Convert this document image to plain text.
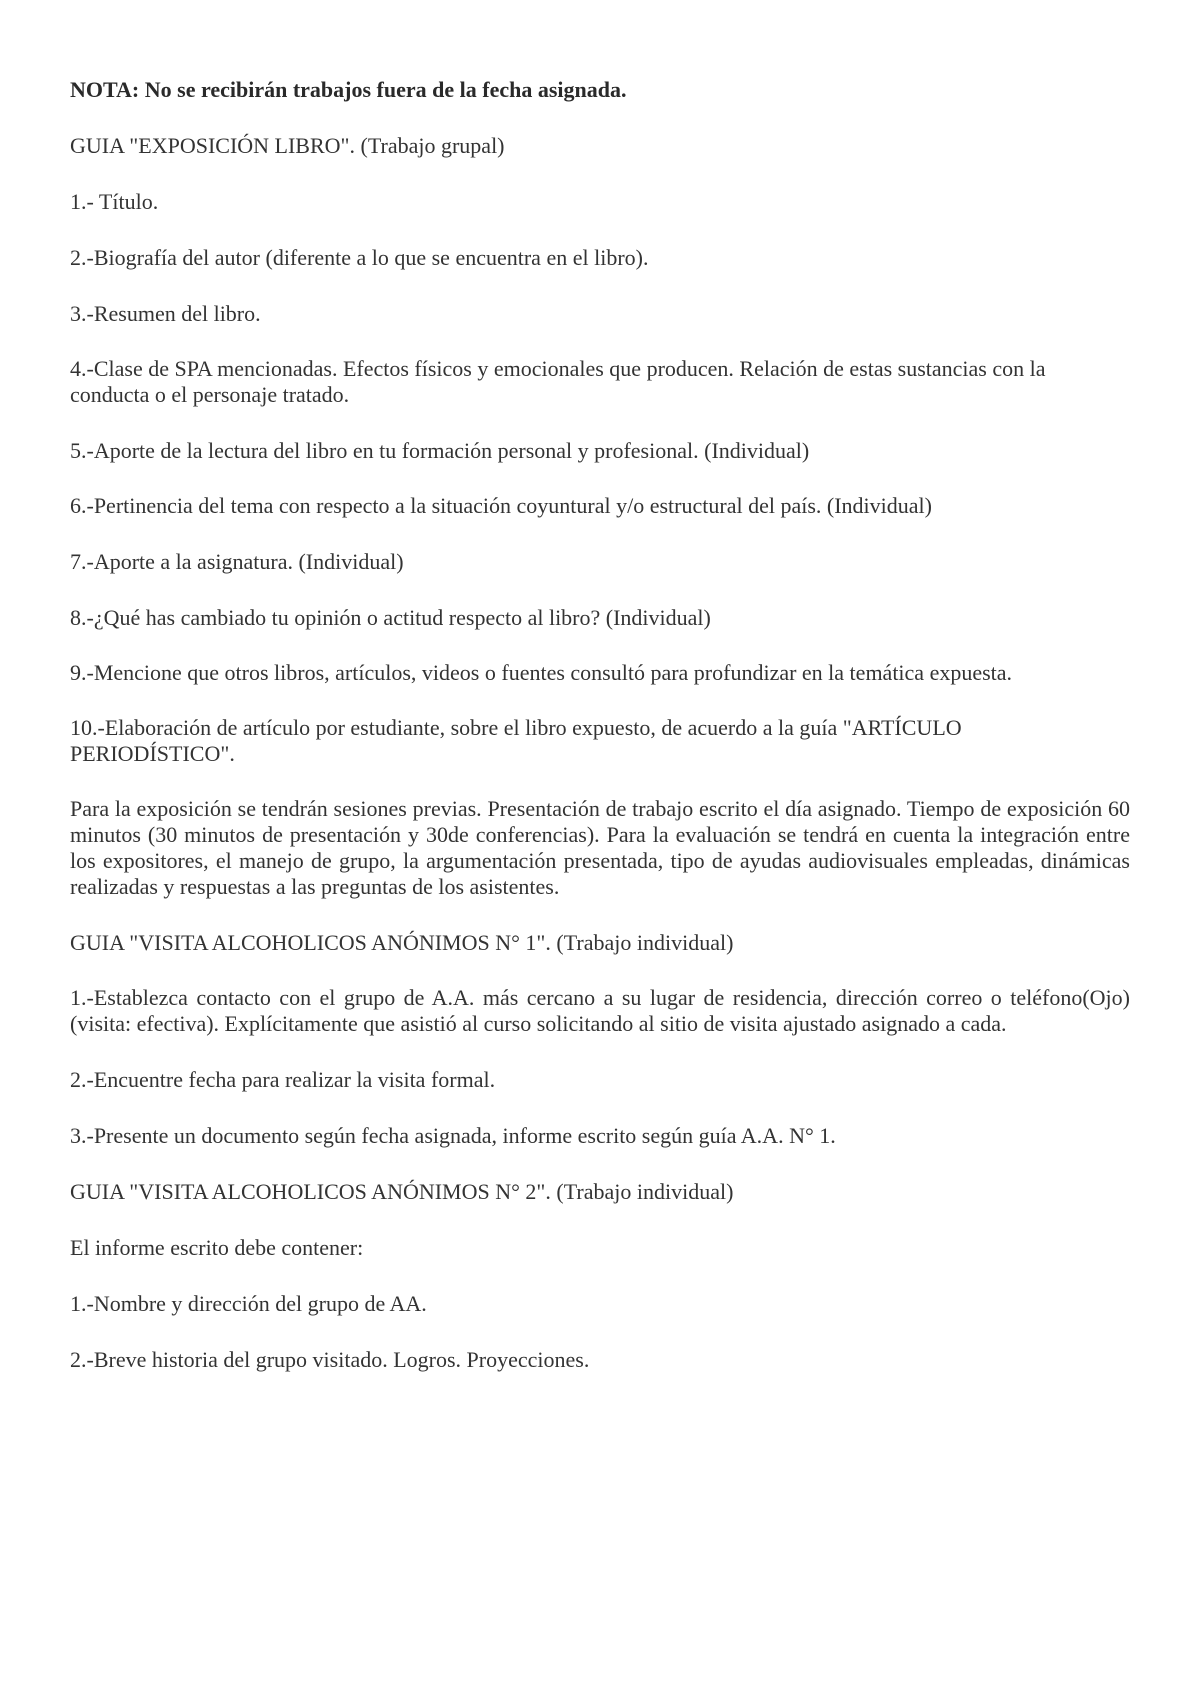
NOTA: No se recibirán trabajos fuera de la fecha asignada.

GUIA "EXPOSICIÓN LIBRO". (Trabajo grupal)

1.- Título.

2.-Biografía del autor (diferente a lo que se encuentra en el libro).

3.-Resumen del libro.

4.-Clase de SPA mencionadas. Efectos físicos y emocionales que producen. Relación de estas sustancias con la conducta o el personaje tratado.

5.-Aporte de la lectura del libro en tu formación personal y profesional. (Individual)

6.-Pertinencia del tema con respecto a la situación coyuntural y/o estructural del país. (Individual)

7.-Aporte a la asignatura. (Individual)

8.-¿Qué has cambiado tu opinión o actitud respecto al libro? (Individual)

9.-Mencione que otros libros, artículos, videos o fuentes consultó para profundizar en la temática expuesta.

10.-Elaboración de artículo por estudiante, sobre el libro expuesto, de acuerdo a la guía "ARTÍCULO PERIODÍSTICO".

Para la exposición se tendrán sesiones previas. Presentación de trabajo escrito el día asignado. Tiempo de exposición 60 minutos (30 minutos de presentación y 30de conferencias). Para la evaluación se tendrá en cuenta la integración entre los expositores, el manejo de grupo, la argumentación presentada, tipo de ayudas audiovisuales empleadas, dinámicas realizadas y respuestas a las preguntas de los asistentes.

GUIA "VISITA ALCOHOLICOS ANÓNIMOS N° 1". (Trabajo individual)

1.-Establezca contacto con el grupo de A.A. más cercano a su lugar de residencia, dirección correo o teléfono(Ojo)(visita: efectiva). Explícitamente que asistió al curso solicitando al sitio de visita ajustado asignado a cada.

2.-Encuentre fecha para realizar la visita formal.

3.-Presente un documento según fecha asignada, informe escrito según guía A.A. N° 1.

GUIA "VISITA ALCOHOLICOS ANÓNIMOS N° 2". (Trabajo individual)

El informe escrito debe contener:

1.-Nombre y dirección del grupo de AA.

2.-Breve historia del grupo visitado. Logros. Proyecciones.
